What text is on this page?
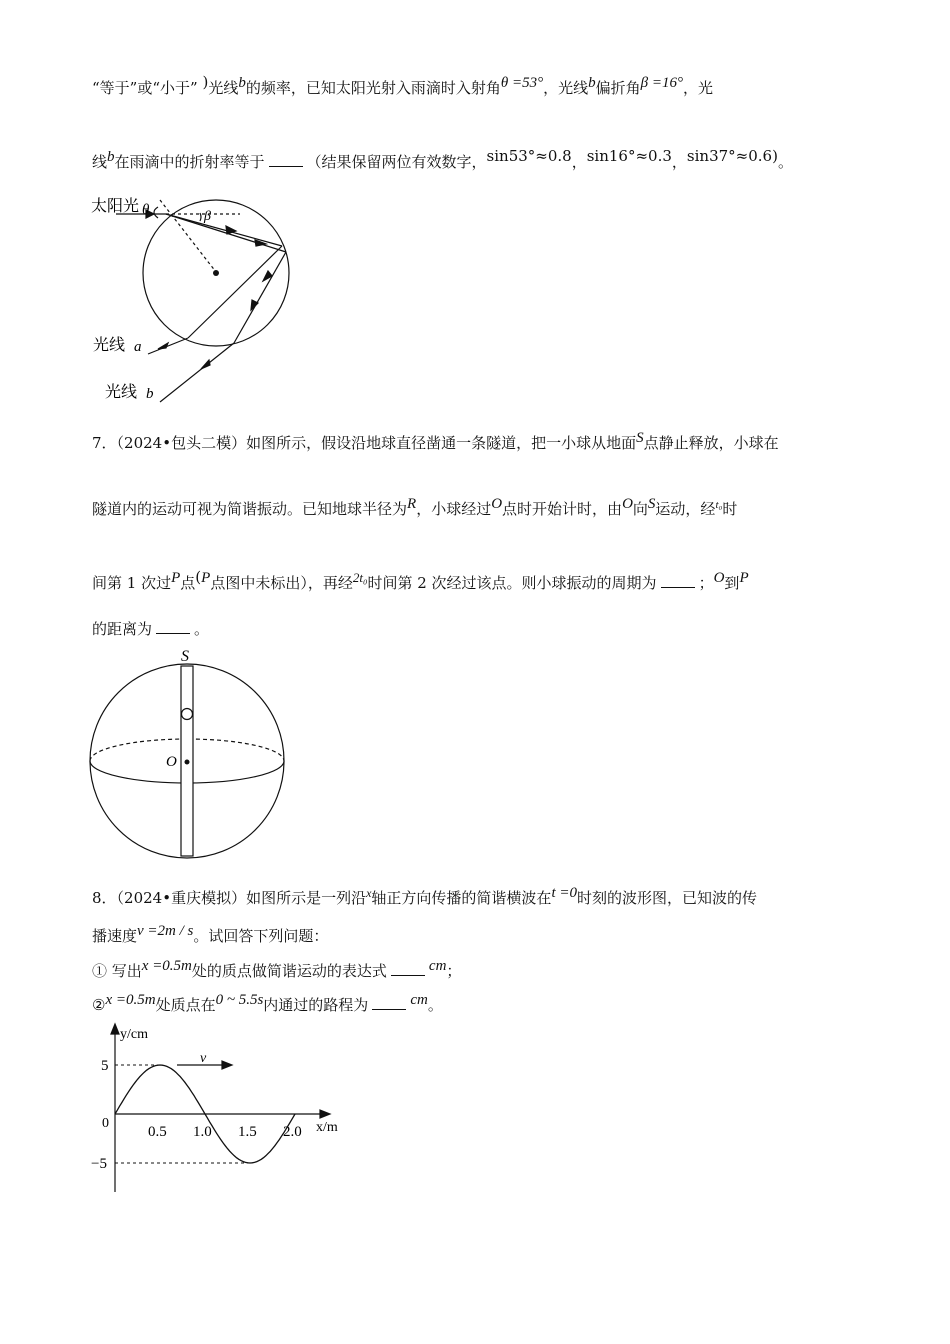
“等于”或“小于” )光线b的频率，已知太阳光射入雨滴时入射角θ =53°，光线b偏折角β =16°，光
线b在雨滴中的折射率等于	（结果保留两位有效数字，sin53°≈0.8，sin16°≈0.3，sin37°≈0.6)。
太阳光 θ	β
光线 a
光线 b
7．（2024•包头二模）如图所示，假设沿地球直径凿通一条隧道，把一小球从地面S点静止释放，小球在
隧道内的运动可视为简谐振动。已知地球半径为R，小球经过O点时开始计时，由O向S运动，经$^{t_0}$时
间第 1 次过P点(P点图中未标出），再经2t₀时间第 2 次经过该点。则小球振动的周期为	；O到P
的距离为	。
S
O
8．（2024•重庆模拟）如图所示是一列沿$^x$轴正方向传播的简谐横波在t =0时刻的波形图，已知波的传
播速度v =2m / s。试回答下列问题：
① 写出x =0.5m处的质点做简谐运动的表达式	cm；
②x =0.5m处质点在0 ~ 5.5s内通过的路程为	cm。
y/cm
x/m
v
0
0.5 1.0 1.5 2.0
5
−5
